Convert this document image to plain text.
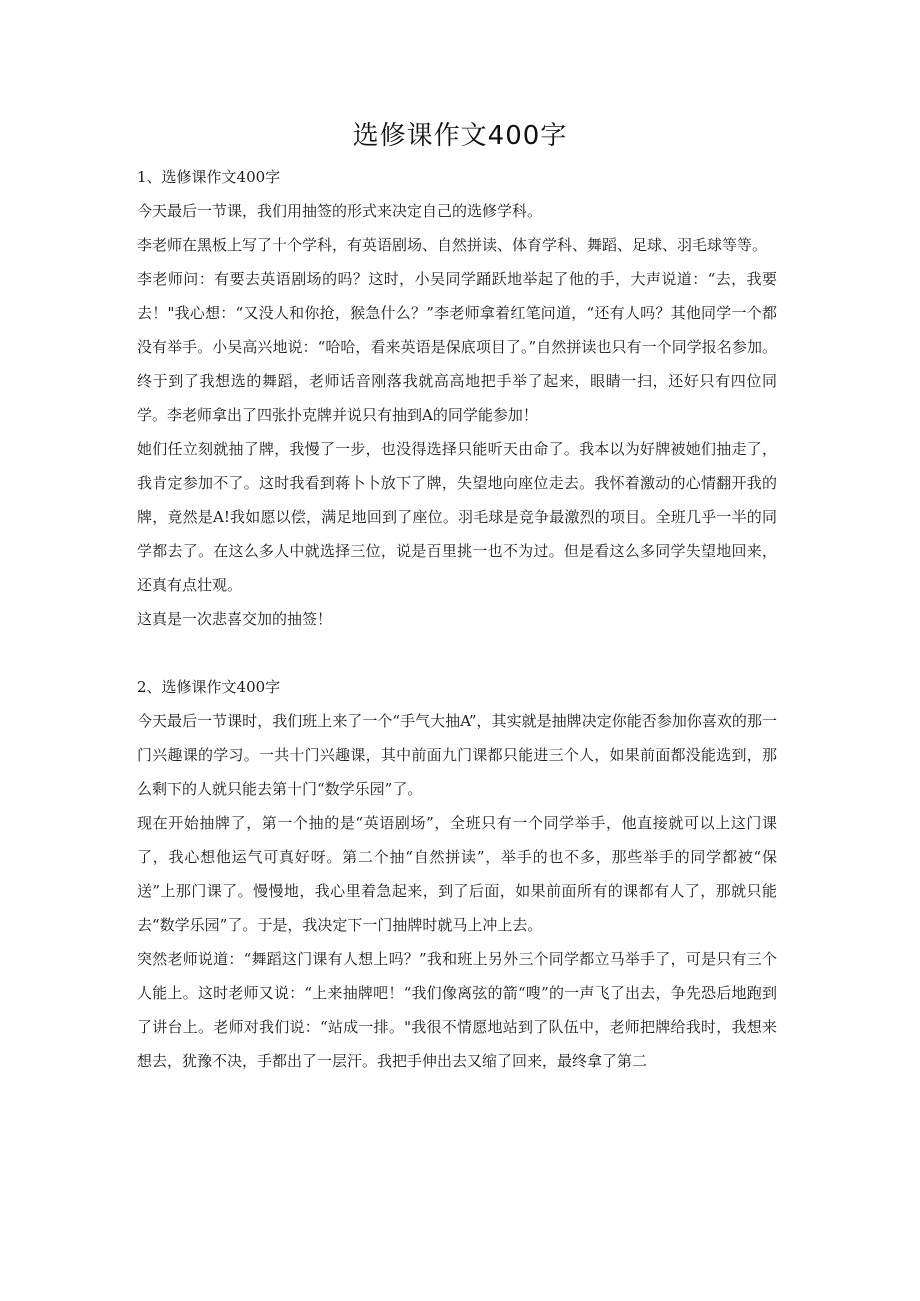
选修课作文400字

1、选修课作文400字

今天最后一节课，我们用抽签的形式来决定自己的选修学科。

李老师在黑板上写了十个学科，有英语剧场、自然拼读、体育学科、舞蹈、足球、羽毛球等等。

李老师问：有要去英语剧场的吗？这时，小吴同学踊跃地举起了他的手，大声说道：“去，我要去！"我心想：“又没人和你抢，猴急什么？”李老师拿着红笔问道，“还有人吗？其他同学一个都没有举手。小吴高兴地说：“哈哈，看来英语是保底项目了。”自然拼读也只有一个同学报名参加。终于到了我想选的舞蹈，老师话音刚落我就高高地把手举了起来，眼睛一扫，还好只有四位同学。李老师拿出了四张扑克牌并说只有抽到A的同学能参加！

她们任立刻就抽了牌，我慢了一步，也没得选择只能听天由命了。我本以为好牌被她们抽走了，我肯定参加不了。这时我看到蒋卜卜放下了牌，失望地向座位走去。我怀着激动的心情翻开我的牌，竟然是A!我如愿以偿，满足地回到了座位。羽毛球是竞争最激烈的项目。全班几乎一半的同学都去了。在这么多人中就选择三位，说是百里挑一也不为过。但是看这么多同学失望地回来，还真有点壮观。

这真是一次悲喜交加的抽签！

2、选修课作文400字

今天最后一节课时，我们班上来了一个“手气大抽A”，其实就是抽牌决定你能否参加你喜欢的那一门兴趣课的学习。一共十门兴趣课，其中前面九门课都只能进三个人，如果前面都没能选到，那么剩下的人就只能去第十门“数学乐园”了。

现在开始抽牌了，第一个抽的是“英语剧场”，全班只有一个同学举手，他直接就可以上这门课了，我心想他运气可真好呀。第二个抽“自然拼读”，举手的也不多，那些举手的同学都被“保送”上那门课了。慢慢地，我心里着急起来，到了后面，如果前面所有的课都有人了，那就只能去“数学乐园”了。于是，我决定下一门抽牌时就马上冲上去。

突然老师说道：“舞蹈这门课有人想上吗？”我和班上另外三个同学都立马举手了，可是只有三个人能上。这时老师又说：“上来抽牌吧！“我们像离弦的箭“嗖”的一声飞了出去，争先恐后地跑到了讲台上。老师对我们说：“站成一排。"我很不情愿地站到了队伍中，老师把牌给我时，我想来想去，犹豫不决，手都出了一层汗。我把手伸出去又缩了回来，最终拿了第二
